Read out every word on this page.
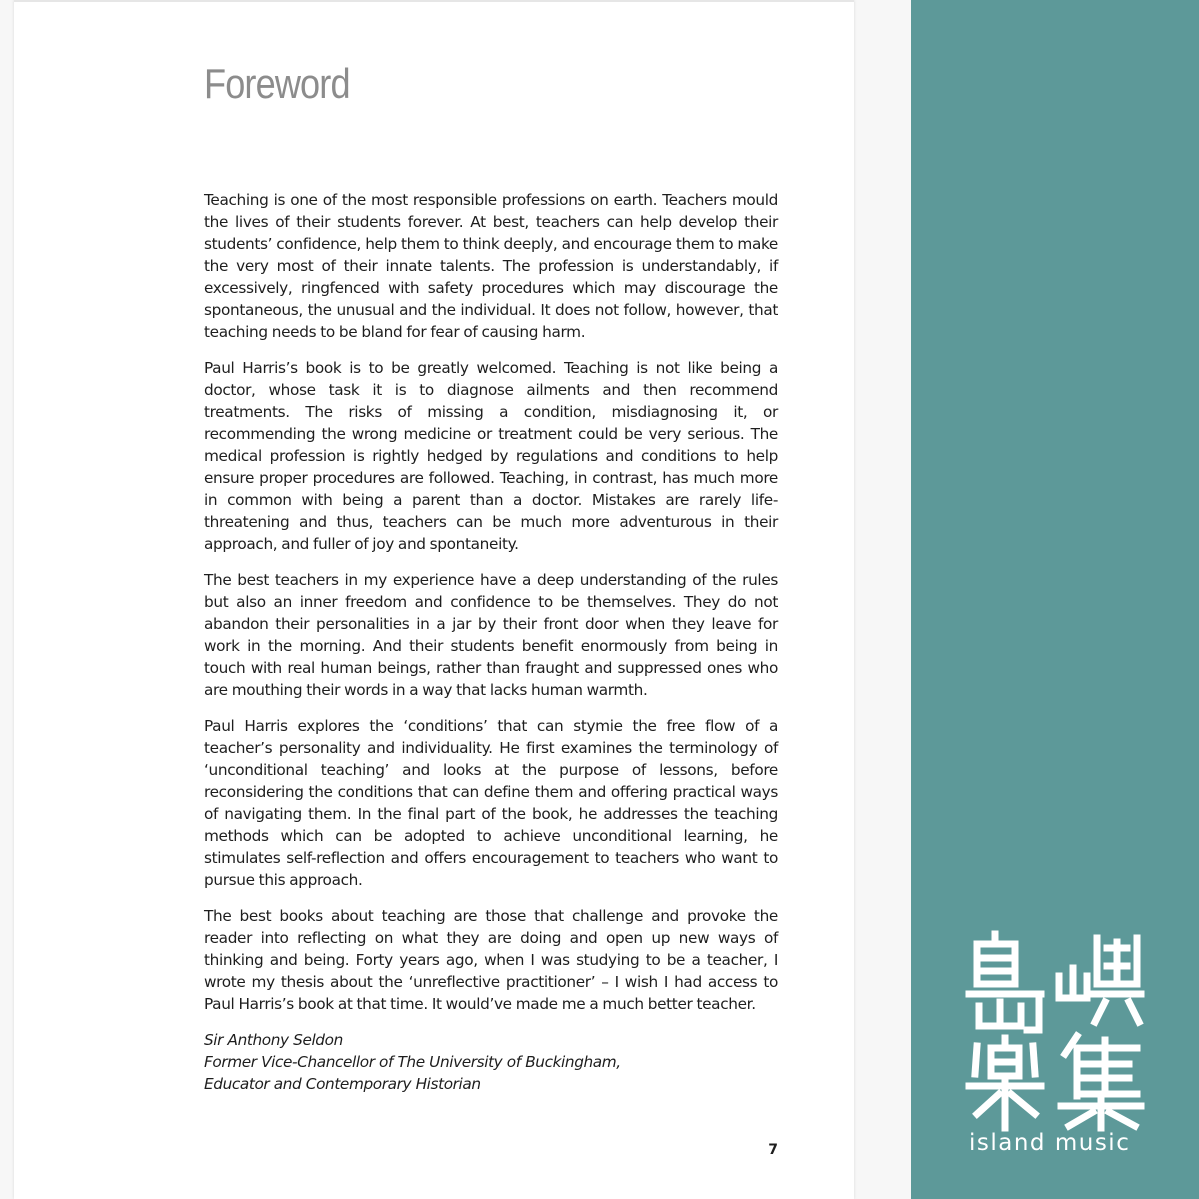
Foreword

Teaching is one of the most responsible professions on earth. Teachers mould the lives of their students forever. At best, teachers can help develop their students’ confidence, help them to think deeply, and encourage them to make the very most of their innate talents. The profession is understandably, if excessively, ringfenced with safety procedures which may discourage the spontaneous, the unusual and the individual. It does not follow, however, that teaching needs to be bland for fear of causing harm.

Paul Harris’s book is to be greatly welcomed. Teaching is not like being a doctor, whose task it is to diagnose ailments and then recommend treatments. The risks of missing a condition, misdiagnosing it, or recommending the wrong medicine or treatment could be very serious. The medical profession is rightly hedged by regulations and conditions to help ensure proper procedures are followed. Teaching, in contrast, has much more in common with being a parent than a doctor. Mistakes are rarely life-threatening and thus, teachers can be much more adventurous in their approach, and fuller of joy and spontaneity.

The best teachers in my experience have a deep understanding of the rules but also an inner freedom and confidence to be themselves. They do not abandon their personalities in a jar by their front door when they leave for work in the morning. And their students benefit enormously from being in touch with real human beings, rather than fraught and suppressed ones who are mouthing their words in a way that lacks human warmth.

Paul Harris explores the ‘conditions’ that can stymie the free flow of a teacher’s personality and individuality. He first examines the terminology of ‘unconditional teaching’ and looks at the purpose of lessons, before reconsidering the conditions that can define them and offering practical ways of navigating them. In the final part of the book, he addresses the teaching methods which can be adopted to achieve unconditional learning, he stimulates self-reflection and offers encouragement to teachers who want to pursue this approach.

The best books about teaching are those that challenge and provoke the reader into reflecting on what they are doing and open up new ways of thinking and being. Forty years ago, when I was studying to be a teacher, I wrote my thesis about the ‘unreflective practitioner’ – I wish I had access to Paul Harris’s book at that time. It would’ve made me a much better teacher.

Sir Anthony Seldon
Former Vice-Chancellor of The University of Buckingham,
Educator and Contemporary Historian
7	island music
